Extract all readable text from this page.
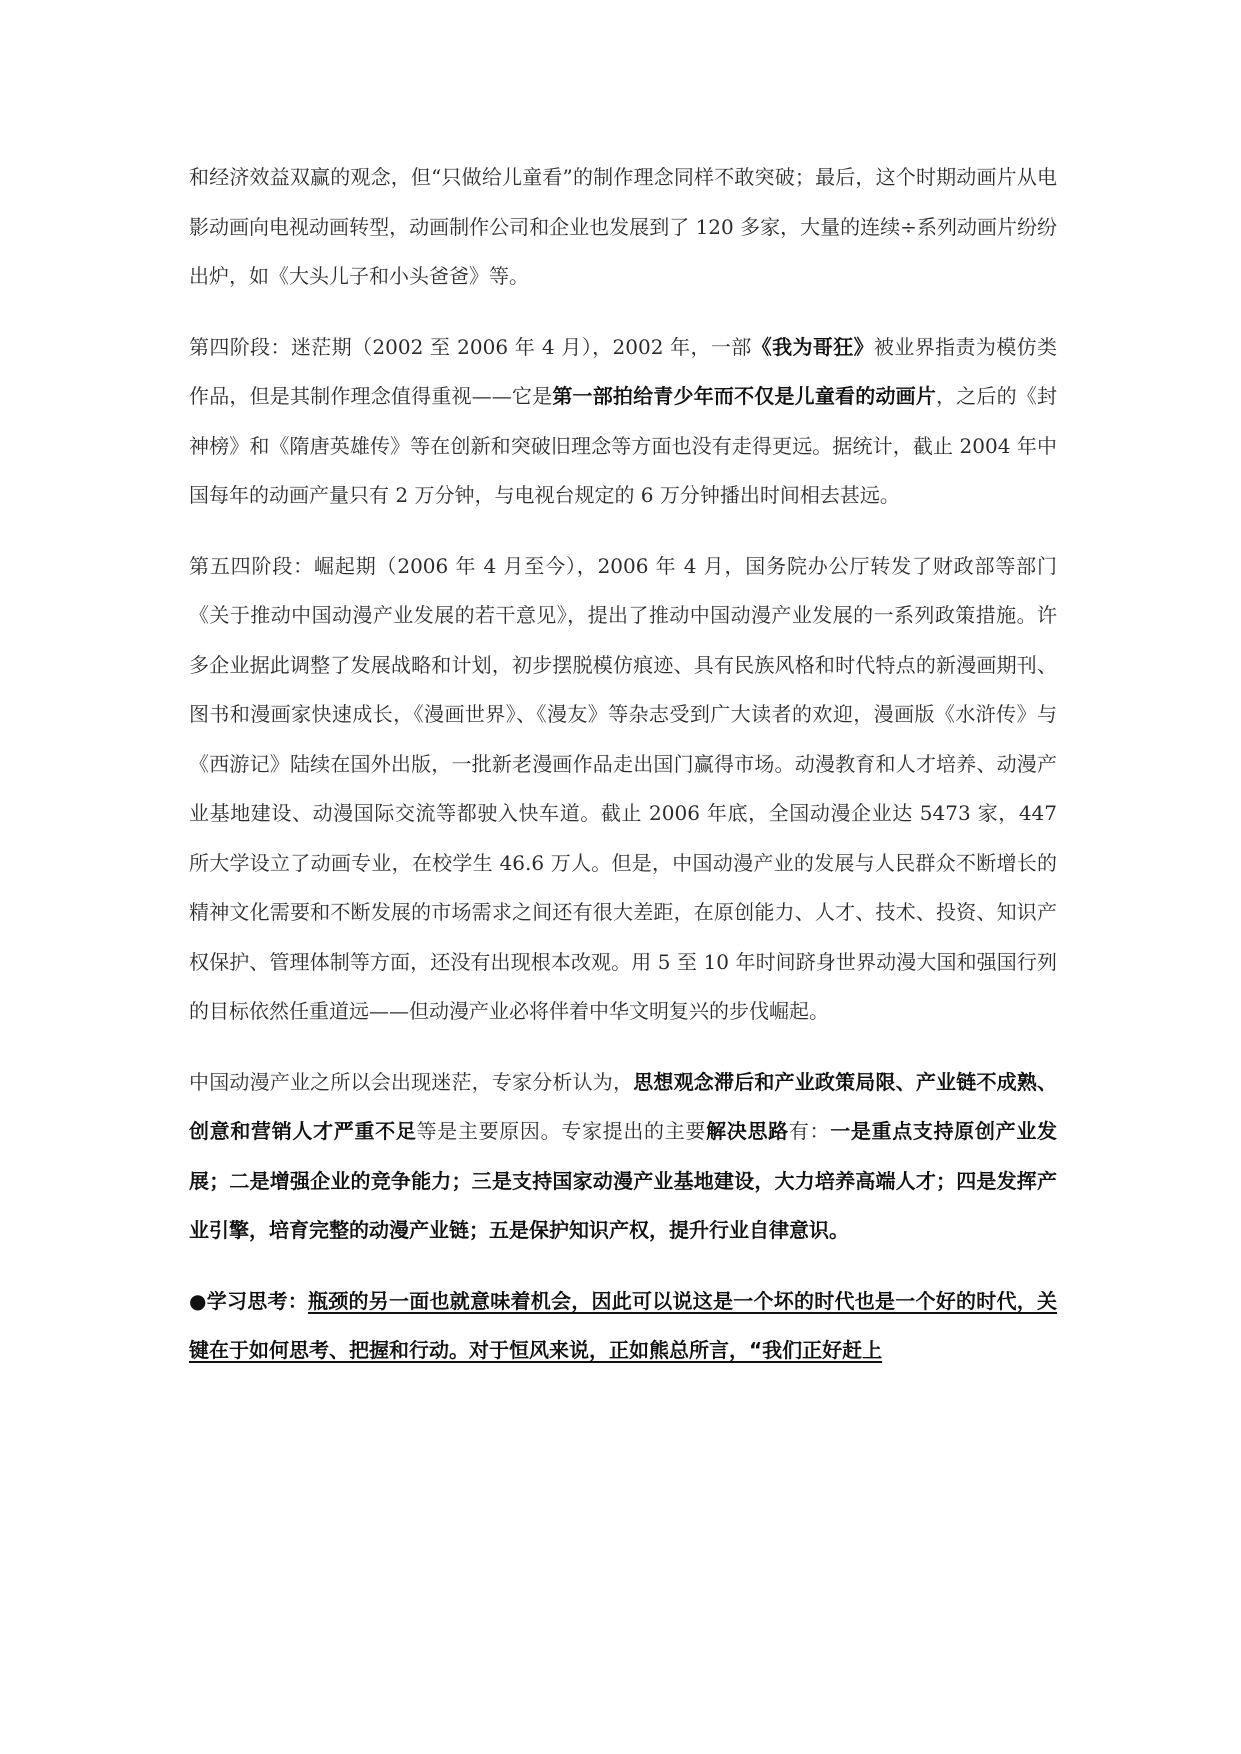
和经济效益双赢的观念，但“只做给儿童看”的制作理念同样不敢突破；最后，这个时期动画片从电影动画向电视动画转型，动画制作公司和企业也发展到了 120 多家，大量的连续÷系列动画片纷纷出炉，如《大头儿子和小头爸爸》等。

第四阶段：迷茫期（2002 至 2006 年 4 月），2002 年，一部《我为哥狂》被业界指责为模仿类作品，但是其制作理念值得重视——它是第一部拍给青少年而不仅是儿童看的动画片，之后的《封神榜》和《隋唐英雄传》等在创新和突破旧理念等方面也没有走得更远。据统计，截止 2004 年中国每年的动画产量只有 2 万分钟，与电视台规定的 6 万分钟播出时间相去甚远。

第五四阶段：崛起期（2006 年 4 月至今），2006 年 4 月，国务院办公厅转发了财政部等部门《关于推动中国动漫产业发展的若干意见》，提出了推动中国动漫产业发展的一系列政策措施。许多企业据此调整了发展战略和计划，初步摆脱模仿痕迹、具有民族风格和时代特点的新漫画期刊、图书和漫画家快速成长，《漫画世界》、《漫友》等杂志受到广大读者的欢迎，漫画版《水浒传》与《西游记》陆续在国外出版，一批新老漫画作品走出国门赢得市场。动漫教育和人才培养、动漫产业基地建设、动漫国际交流等都驶入快车道。截止 2006 年底，全国动漫企业达 5473 家，447 所大学设立了动画专业，在校学生 46.6 万人。但是，中国动漫产业的发展与人民群众不断增长的精神文化需要和不断发展的市场需求之间还有很大差距，在原创能力、人才、技术、投资、知识产权保护、管理体制等方面，还没有出现根本改观。用 5 至 10 年时间跻身世界动漫大国和强国行列的目标依然任重道远——但动漫产业必将伴着中华文明复兴的步伐崛起。

中国动漫产业之所以会出现迷茫，专家分析认为，思想观念滞后和产业政策局限、产业链不成熟、创意和营销人才严重不足等是主要原因。专家提出的主要解决思路有：一是重点支持原创产业发展；二是增强企业的竞争能力；三是支持国家动漫产业基地建设，大力培养高端人才；四是发挥产业引擎，培育完整的动漫产业链；五是保护知识产权，提升行业自律意识。

●学习思考：瓶颈的另一面也就意味着机会，因此可以说这是一个坏的时代也是一个好的时代，关键在于如何思考、把握和行动。对于恒风来说，正如熊总所言，“我们正好赶上
